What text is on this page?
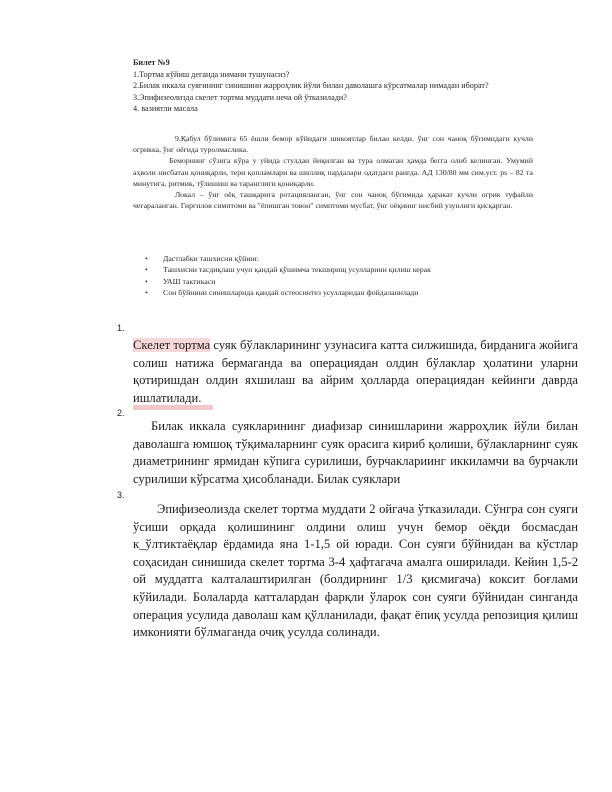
Билет №9
1.Тортма кўйиш деганда нимани тушунасиз?
2.Билак иккала суягининг синишини жарроҳлик йўли билан даволашга кўрсатмалар нимадан иборат?
3.Эпифизеолизда скелет тортма муддати неча ой ўтказилади?
4. вазиятли масала

9.Қабул бўлимига 65 ёшли бемор кўйидаги шикоятлар билан келди. ўнг сон чаноқ бўғимидаги кучли огрикка, ўнг оёғида туролмаслика.

Беморнинг сўзига кўра у уйида стулдан йиқилган ва тура олмаган ҳамда бегга олиб келинган. Умумий аҳволи нисбатан қониқарли, тери қопламлари ва шиллиқ пардалари одатдаги рангда. АД 130/80 мм сим.уст. ps – 82 та минутига, ритмик, тўлишиш ва таранглиги қониқарли.

Локал – ўнг оёқ ташқарига ротацияланган, ўнг сон чаноқ бўғимида ҳаракат кучли огрик туфайли чегараланган. Гиргилов симптоми ва "ёпишган товон" симптоми мусбат, ўнг оёқнинг нисбий узунлиги қисқарган.

• Дастлабки ташхисни қўйинг.
• Ташхисни тасдиқлаш учун қандай қўшимча текширищ усулларини қилиш керак
• УАШ тактикаси
• Сон бўйнини синишларида қандай остеосинтез усулларидан фойдаланилади
1.

Скелет тортма суяк бўлакларининг узунасига катта силжишида, бирданига жойига солиш натижа бермаганда ва операциядан олдин бўлаклар ҳолатини уларни қотиришдан олдин яхшилаш ва айрим ҳолларда операциядан кейинги даврда ишлатилади.

2.

Билак иккала суякларининг диафизар синишларини жарроҳлик йўли билан даволашга юмшоқ тўқималарнинг суяк орасига кириб қолиши, бўлакларнинг суяк диаметрининг ярмидан кўпига сурилиши, бурчаклариинг иккиламчи ва бурчакли сурилиши кўрсатма ҳисобланади. Билак суяклари

3.

Эпифизеолизда скелет тортма муддати 2 ойгача ўтказилади. Сўнгра сон суяги ўсиши орқада қолишининг олдини олиш учун бемор оёқди босмасдан к_ўлтиктаёқлар ёрдамида яна 1-1,5 ой юради. Сон суяги бўйнидан ва кўстлар соҳасидан синишида скелет тортма 3-4 ҳафтагача амалга оширилади. Кейин 1,5-2 ой муддатга калталаштирилган (болдирнинг 1/3 қисмигача) коксит боғлами кўйилади. Болаларда катталардан фарқли ўларок сон суяги бўйнидан синганда операция усулида даволаш кам қўлланилади, фақат ёпиқ усулда репозиция қилиш имконияти бўлмаганда очиқ усулда солинади.
